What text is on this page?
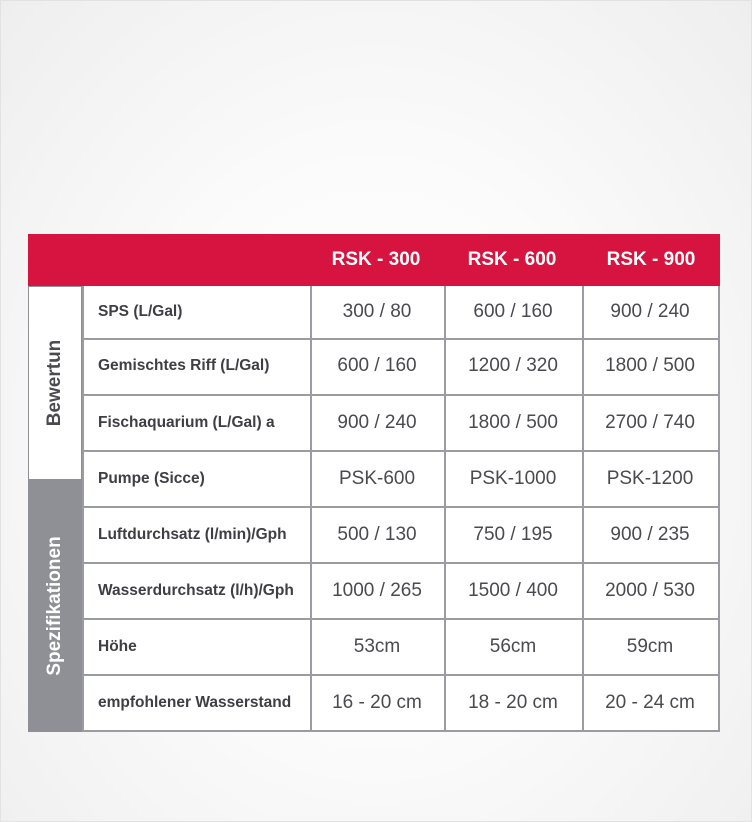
RSK - 300	RSK - 600	RSK - 900
Bewertun
Spezifikationen
SPS (L/Gal)	300 / 80	600 / 160	900 / 240
Gemischtes Riff (L/Gal)	600 / 160	1200 / 320	1800 / 500
Fischaquarium (L/Gal) a	900 / 240	1800 / 500	2700 / 740
Pumpe (Sicce)	PSK-600	PSK-1000	PSK-1200
Luftdurchsatz (l/min)/Gph	500 / 130	750 / 195	900 / 235
Wasserdurchsatz (l/h)/Gph	1000 / 265	1500 / 400	2000 / 530
Höhe	53cm	56cm	59cm
empfohlener Wasserstand	16 - 20 cm	18 - 20 cm	20 - 24 cm
